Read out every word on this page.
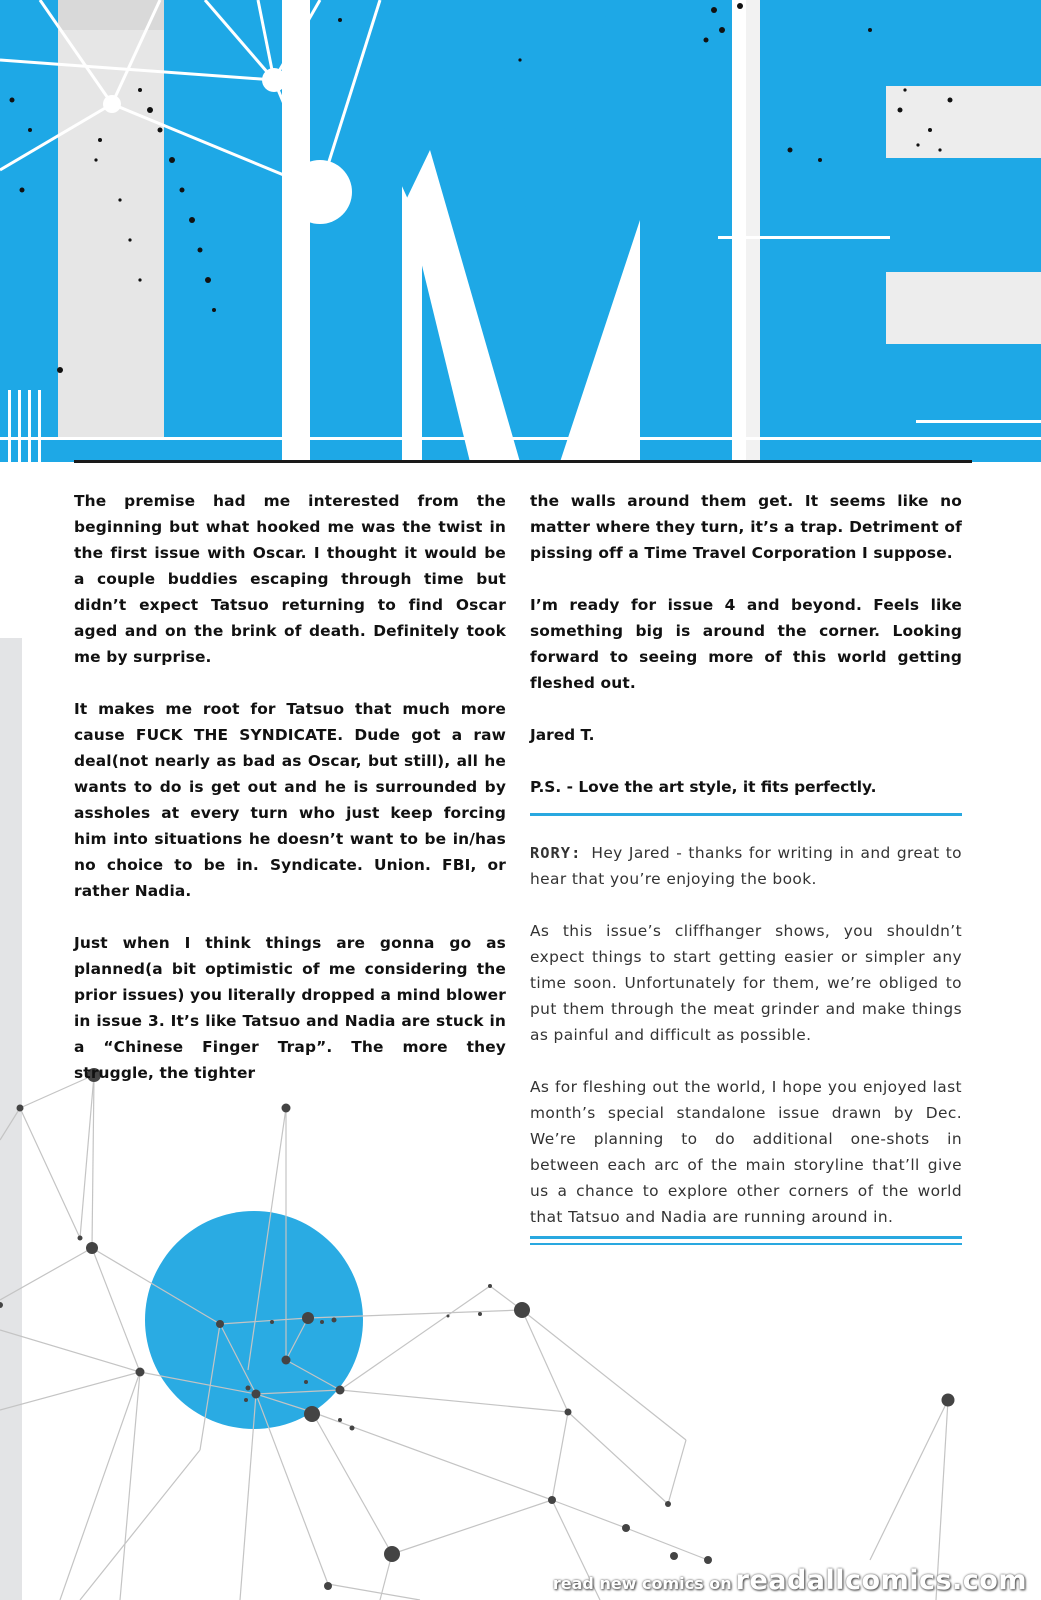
The premise had me interested from the beginning but what hooked me was the twist in the first issue with Oscar. I thought it would be a couple buddies escaping through time but didn’t expect Tatsuo returning to find Oscar aged and on the brink of death. Definitely took me by surprise.

It makes me root for Tatsuo that much more cause FUCK THE SYNDICATE. Dude got a raw deal(not nearly as bad as Oscar, but still), all he wants to do is get out and he is surrounded by assholes at every turn who just keep forcing him into situations he doesn’t want to be in/has no choice to be in. Syndicate. Union. FBI, or rather Nadia.

Just when I think things are gonna go as planned(a bit optimistic of me considering the prior issues) you literally dropped a mind blower in issue 3. It’s like Tatsuo and Nadia are stuck in a “Chinese Finger Trap”. The more they struggle, the tighter

the walls around them get. It seems like no matter where they turn, it’s a trap. Detriment of pissing off a Time Travel Corporation I suppose.

I’m ready for issue 4 and beyond. Feels like something big is around the corner. Looking forward to seeing more of this world getting fleshed out.

Jared T.

P.S. - Love the art style, it fits perfectly.

RORY: Hey Jared - thanks for writing in and great to hear that you’re enjoying the book.

As this issue’s cliffhanger shows, you shouldn’t expect things to start getting easier or simpler any time soon. Unfortunately for them, we’re obliged to put them through the meat grinder and make things as painful and difficult as possible.

As for fleshing out the world, I hope you enjoyed last month’s special standalone issue drawn by Dec. We’re planning to do additional one-shots in between each arc of the main storyline that’ll give us a chance to explore other corners of the world that Tatsuo and Nadia are running around in.

read new comics on readallcomics.com
